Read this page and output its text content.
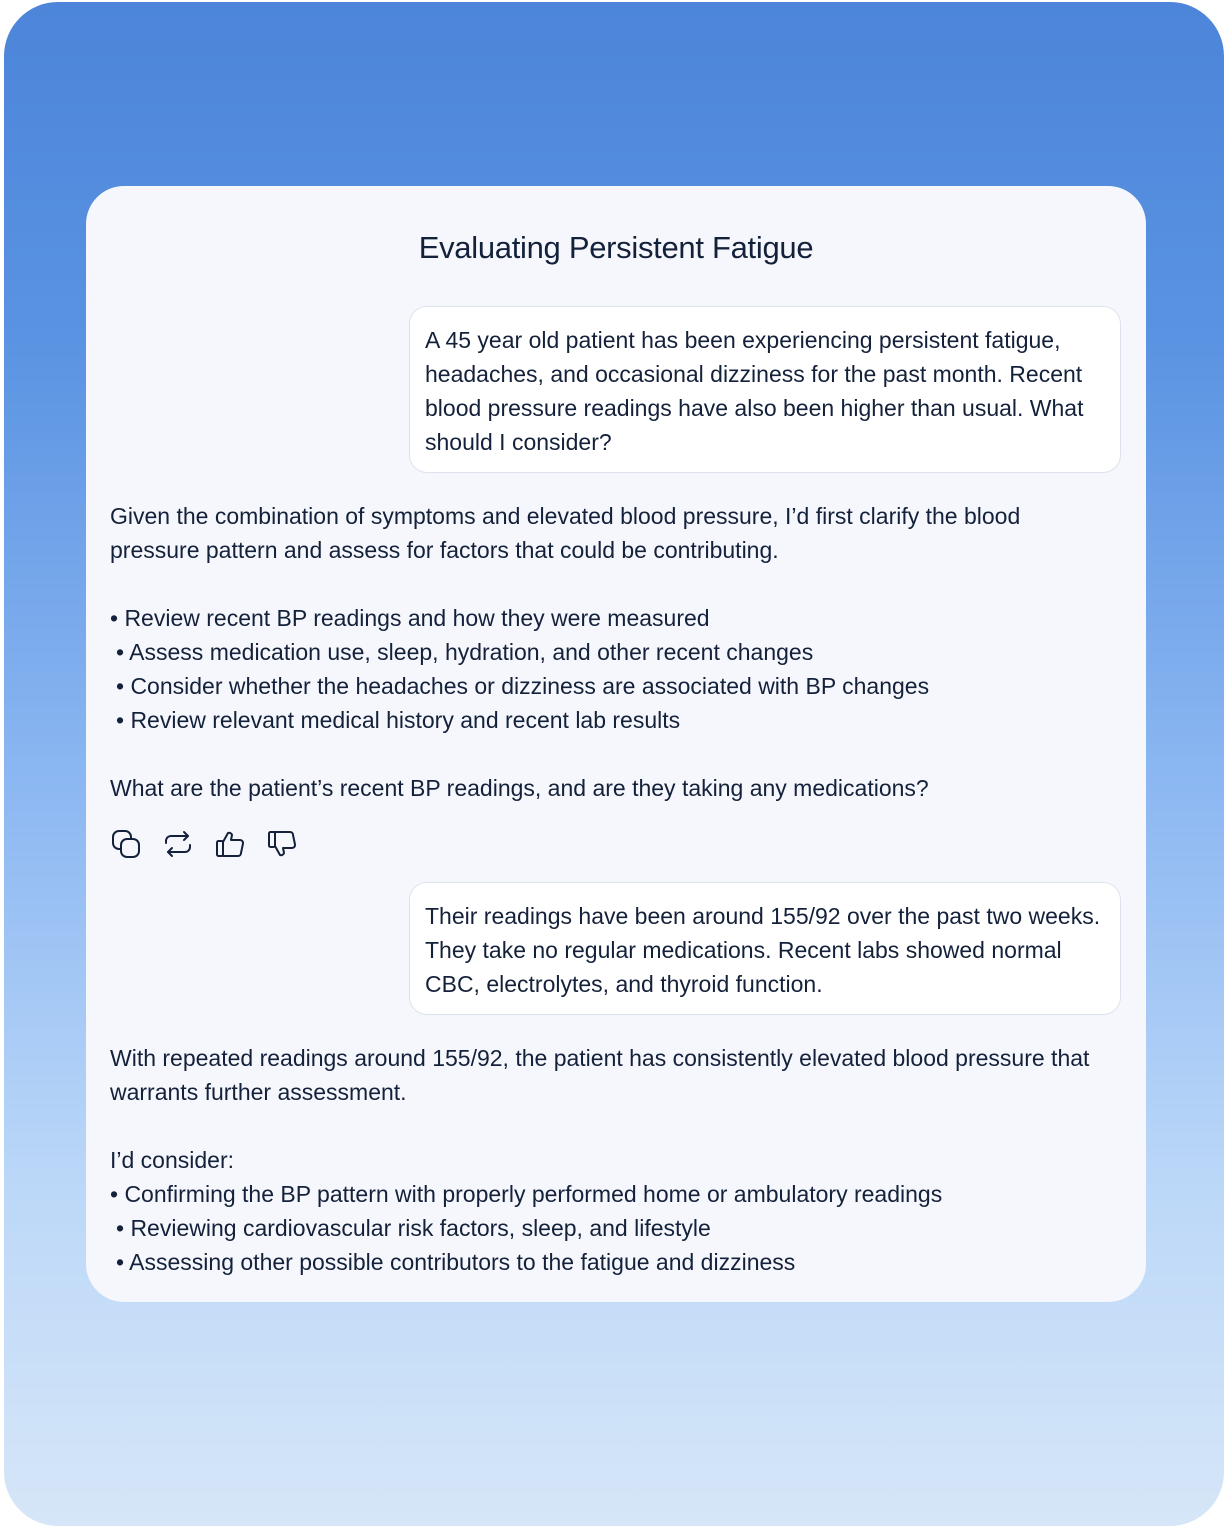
Evaluating Persistent Fatigue
A 45 year old patient has been experiencing persistent fatigue, headaches, and occasional dizziness for the past month. Recent blood pressure readings have also been higher than usual. What should I consider?

Given the combination of symptoms and elevated blood pressure, I’d first clarify the blood pressure pattern and assess for factors that could be contributing.

• Review recent BP readings and how they were measured
• Assess medication use, sleep, hydration, and other recent changes
• Consider whether the headaches or dizziness are associated with BP changes
• Review relevant medical history and recent lab results

What are the patient’s recent BP readings, and are they taking any medications?

Their readings have been around 155/92 over the past two weeks. They take no regular medications. Recent labs showed normal CBC, electrolytes, and thyroid function.

With repeated readings around 155/92, the patient has consistently elevated blood pressure that warrants further assessment.

I’d consider:

• Confirming the BP pattern with properly performed home or ambulatory readings
• Reviewing cardiovascular risk factors, sleep, and lifestyle
• Assessing other possible contributors to the fatigue and dizziness
